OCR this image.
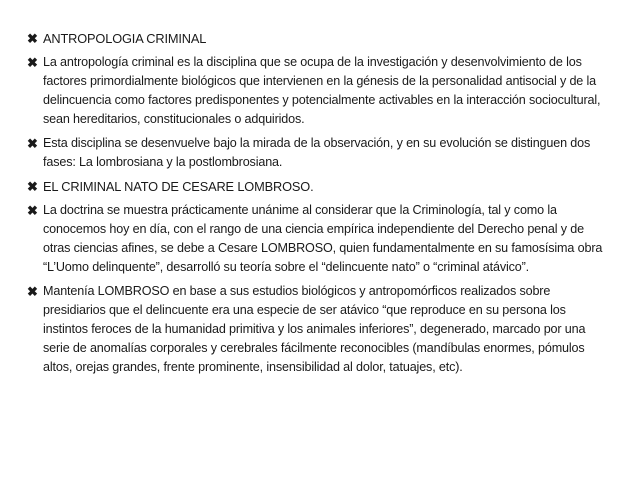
✖ ANTROPOLOGIA CRIMINAL
✖ La antropología criminal es la disciplina que se ocupa de la investigación y desenvolvimiento de los factores primordialmente biológicos que intervienen en la génesis de la personalidad antisocial y de la delincuencia como factores predisponentes y potencialmente activables en la interacción sociocultural, sean hereditarios, constitucionales o adquiridos.
✖ Esta disciplina se desenvuelve bajo la mirada de la observación, y en su evolución se distinguen dos fases: La lombrosiana y la postlombrosiana.
✖ EL CRIMINAL NATO DE CESARE LOMBROSO.
✖ La doctrina se muestra prácticamente unánime al considerar que la Criminología, tal y como la conocemos hoy en día, con el rango de una ciencia empírica independiente del Derecho penal y de otras ciencias afines, se debe a Cesare LOMBROSO, quien fundamentalmente en su famosísima obra “L’Uomo delinquente”, desarrolló su teoría sobre el “delincuente nato” o “criminal atávico”.
✖ Mantenía LOMBROSO en base a sus estudios biológicos y antropomórficos realizados sobre presidiarios que el delincuente era una especie de ser atávico “que reproduce en su persona los instintos feroces de la humanidad primitiva y los animales inferiores”, degenerado, marcado por una serie de anomalías corporales y cerebrales fácilmente reconocibles (mandíbulas enormes, pómulos altos, orejas grandes, frente prominente, insensibilidad al dolor, tatuajes, etc).
